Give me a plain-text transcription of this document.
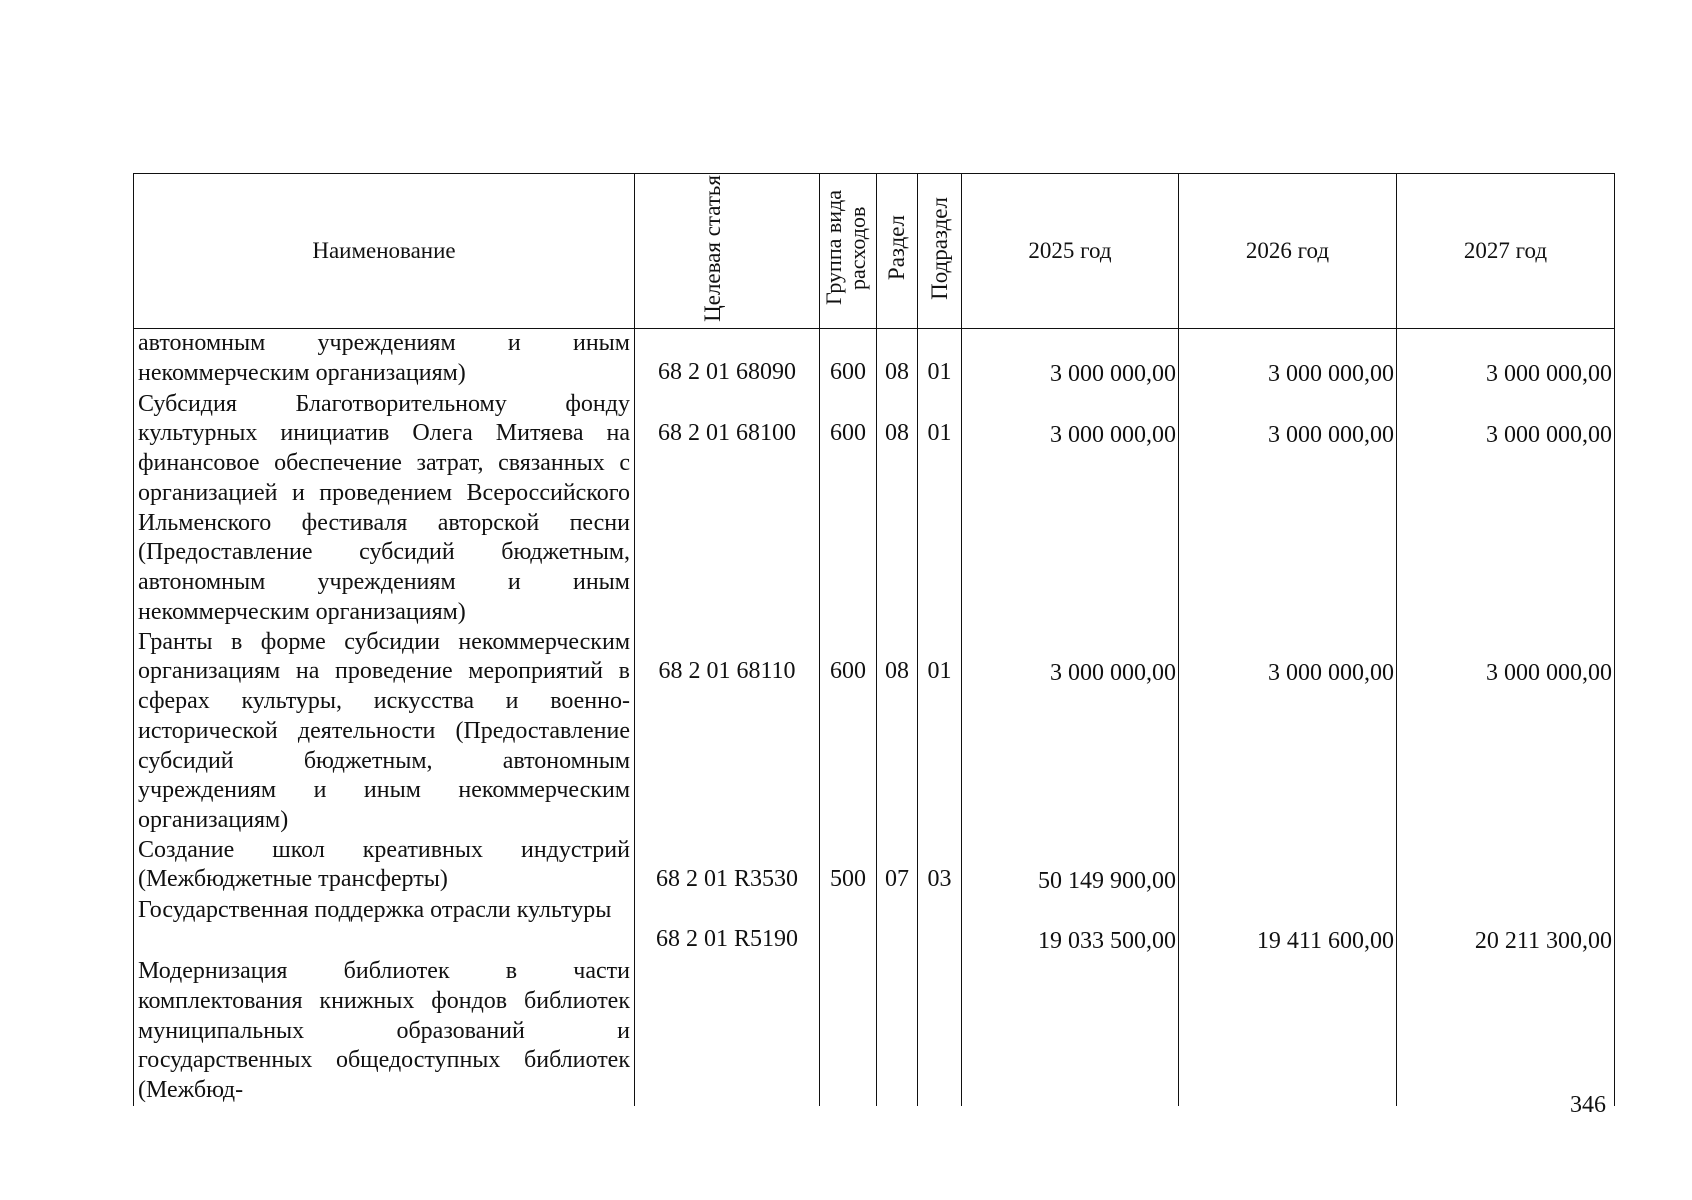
Наименование	Целевая статья	Группа вида расходов	Раздел	Подраздел	2025 год	2026 год	2027 год
автономным учреждениям и иным некоммерческим организациям)	68 2 01 68090	600	08	01	3 000 000,00	3 000 000,00	3 000 000,00
Субсидия Благотворительному фонду культурных инициатив Олега Митяева на финансовое обеспечение затрат, связанных с организацией и проведением Всероссийского Ильменского фестиваля авторской песни (Предоставление субсидий бюджетным, автономным учреждениям и иным некоммерческим организациям)	68 2 01 68100	600	08	01	3 000 000,00	3 000 000,00	3 000 000,00
Гранты в форме субсидии некоммерческим организациям на проведение мероприятий в сферах культуры, искусства и военно-исторической деятельности (Предоставление субсидий бюджетным, автономным учреждениям и иным некоммерческим организациям)	68 2 01 68110	600	08	01	3 000 000,00	3 000 000,00	3 000 000,00
Создание школ креативных индустрий (Межбюджетные трансферты)	68 2 01 R3530	500	07	03	50 149 900,00		
Государственная поддержка отрасли культуры	68 2 01 R5190				19 033 500,00	19 411 600,00	20 211 300,00
Модернизация библиотек в части комплектования книжных фондов библиотек муниципальных образований и государственных общедоступных библиотек (Межбюд-							
346
